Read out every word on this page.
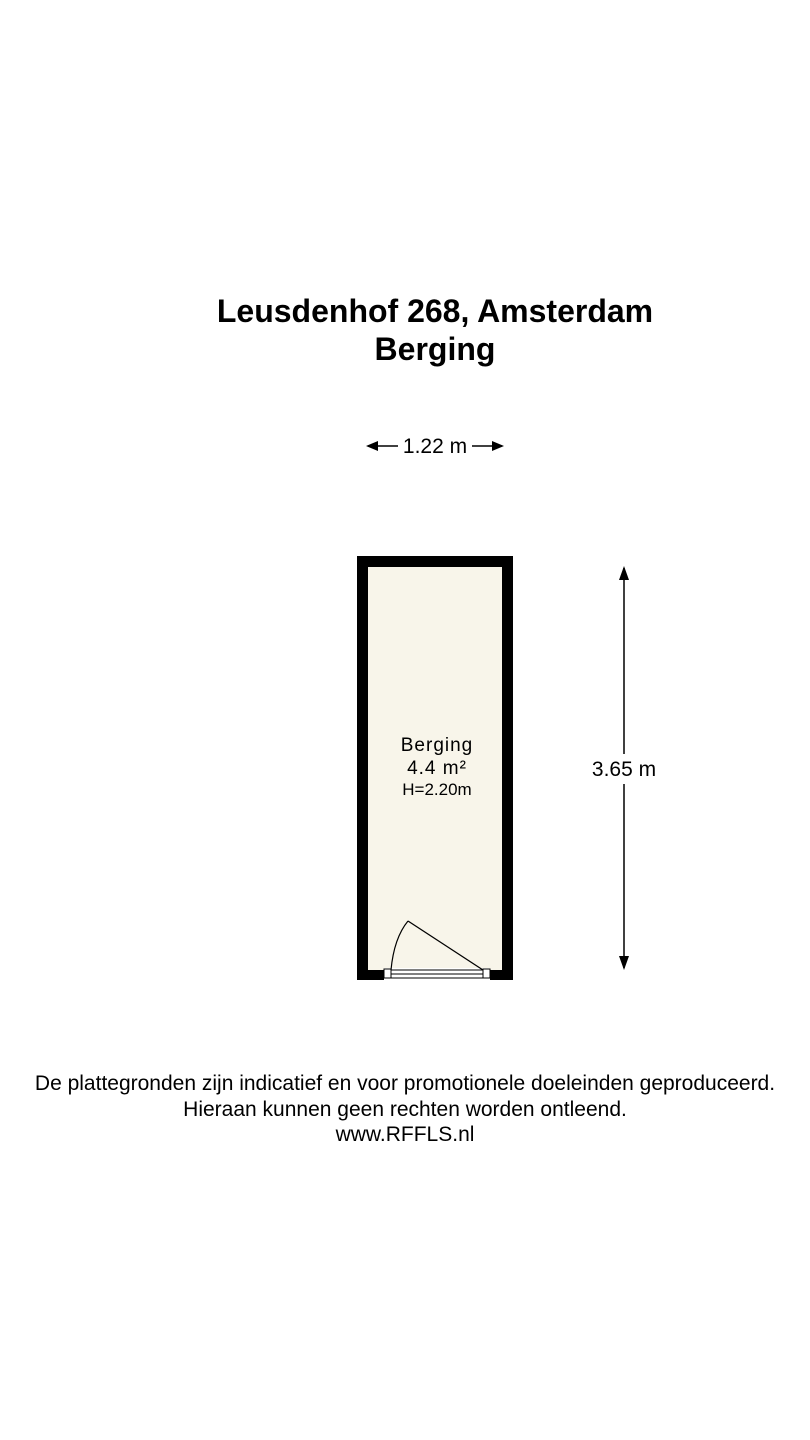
Leusdenhof 268, Amsterdam
Berging
1.22 m
3.65 m
Berging
4.4 m²
H=2.20m
De plattegronden zijn indicatief en voor promotionele doeleinden geproduceerd.
Hieraan kunnen geen rechten worden ontleend.
www.RFFLS.nl
